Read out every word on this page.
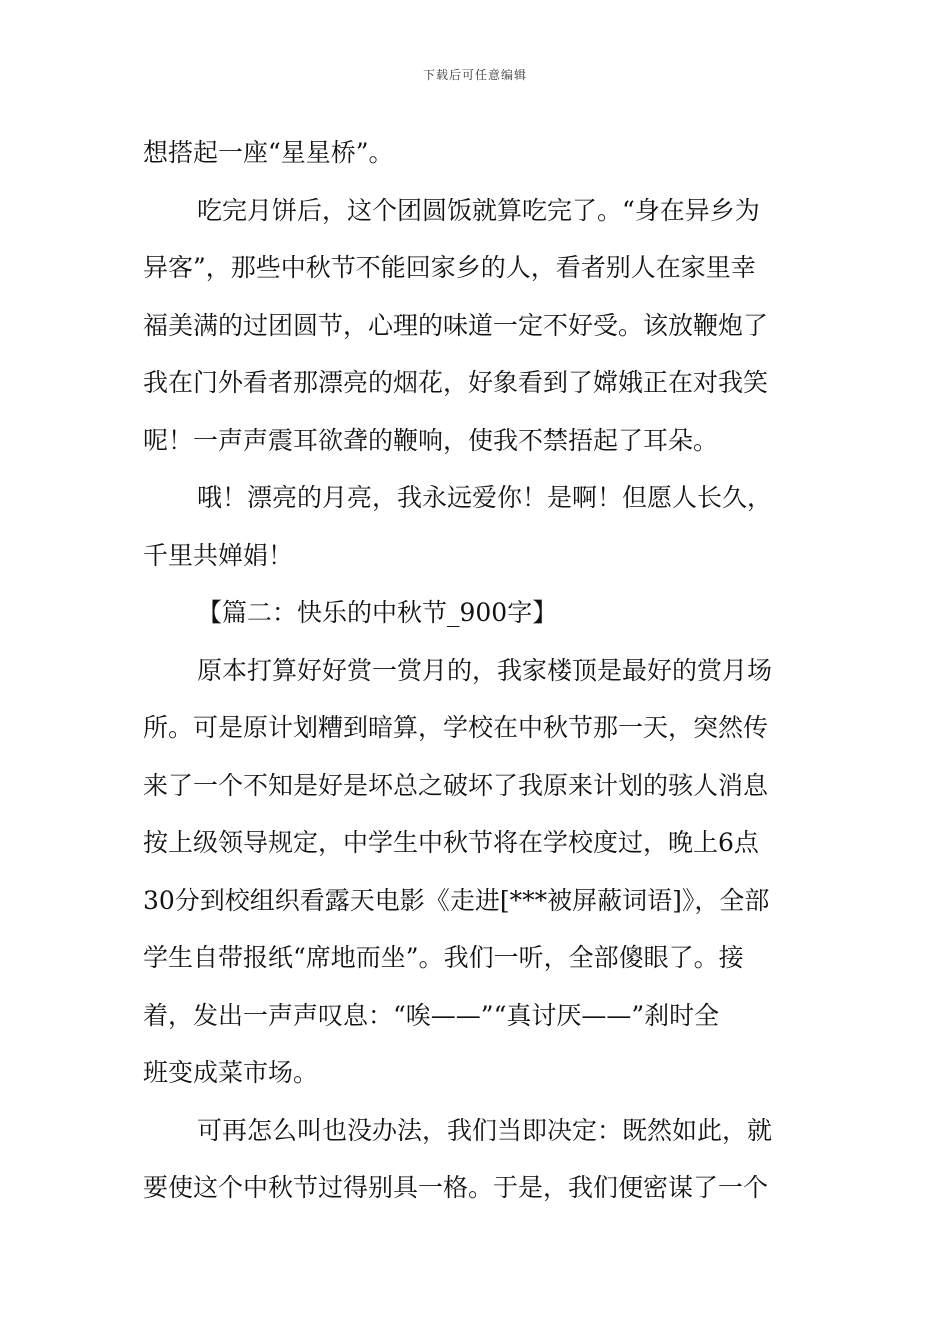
下载后可任意编辑
想搭起一座“星星桥”。
吃完月饼后，这个团圆饭就算吃完了。“身在异乡为
异客”，那些中秋节不能回家乡的人，看者别人在家里幸
福美满的过团圆节，心理的味道一定不好受。该放鞭炮了
我在门外看者那漂亮的烟花，好象看到了嫦娥正在对我笑
呢！一声声震耳欲聋的鞭响，使我不禁捂起了耳朵。
哦！漂亮的月亮，我永远爱你！是啊！但愿人长久，
千里共婵娟！
【篇二：快乐的中秋节_900字】
原本打算好好赏一赏月的，我家楼顶是最好的赏月场
所。可是原计划糟到暗算，学校在中秋节那一天，突然传
来了一个不知是好是坏总之破坏了我原来计划的骇人消息
按上级领导规定，中学生中秋节将在学校度过，晚上6点
30分到校组织看露天电影《走进[***被屏蔽词语]》，全部
学生自带报纸“席地而坐”。我们一听，全部傻眼了。接
着，发出一声声叹息：“唉——”“真讨厌——”刹时全
班变成菜市场。
可再怎么叫也没办法，我们当即决定：既然如此，就
要使这个中秋节过得别具一格。于是，我们便密谋了一个
